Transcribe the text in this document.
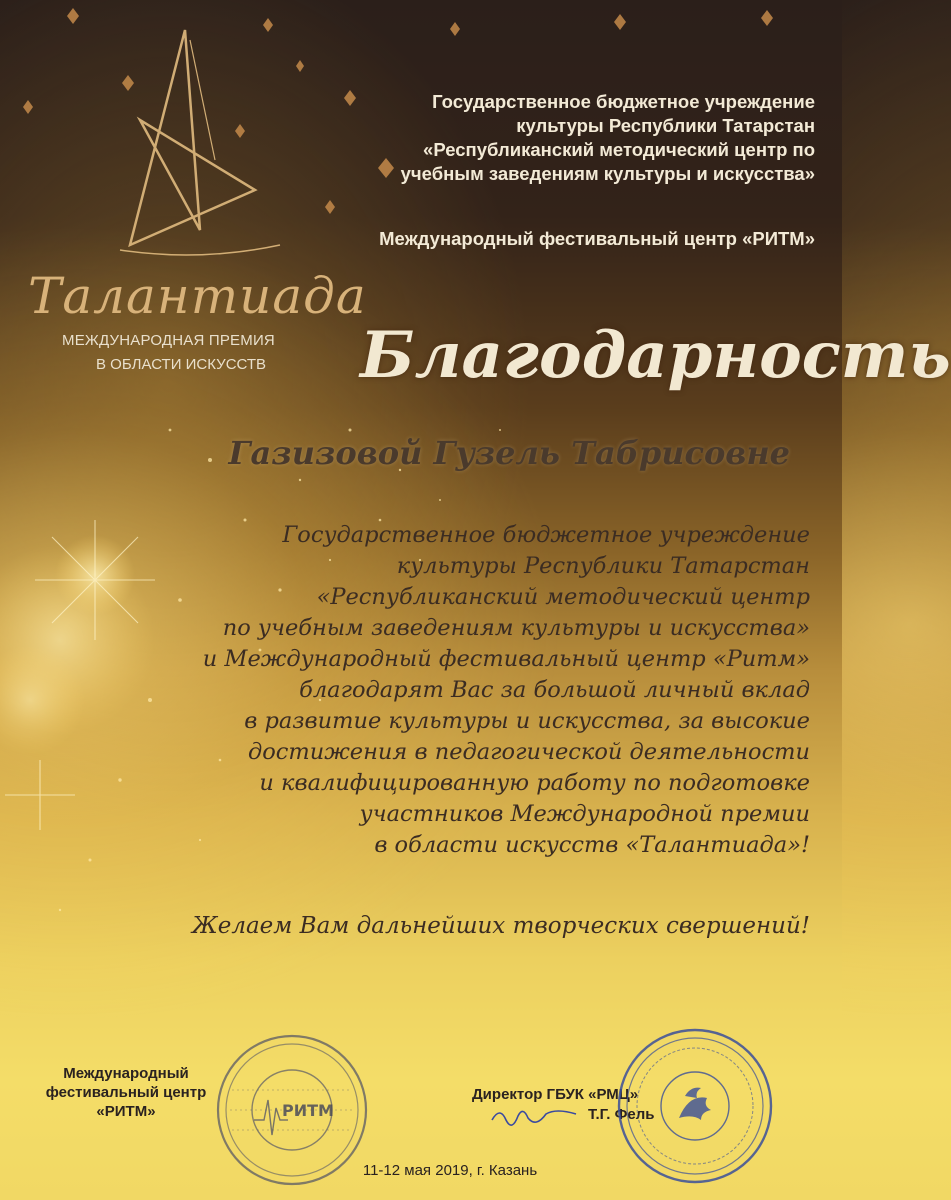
Государственное бюджетное учреждение
культуры Республики Татарстан
«Республиканский методический центр по
учебным заведениям культуры и искусства»
Международный фестивальный центр «РИТМ»
Талантиада
МЕЖДУНАРОДНАЯ ПРЕМИЯ
В ОБЛАСТИ ИСКУССТВ	Благодарность
Газизовой Гузель Табрисовне
Государственное бюджетное учреждение
культуры Республики Татарстан
«Республиканский методический центр
по учебным заведениям культуры и искусства»
и Международный фестивальный центр «Ритм»
благодарят Вас за большой личный вклад
в развитие культуры и искусства, за высокие
достижения в педагогической деятельности
и квалифицированную работу по подготовке
участников Международной премии
в области искусств «Талантиада»!
Желаем Вам дальнейших творческих свершений!
Международный
фестивальный центр
«РИТМ»	РИТМ
Директор ГБУК «РМЦ»
Т.Г. Фель
11-12 мая 2019, г. Казань
